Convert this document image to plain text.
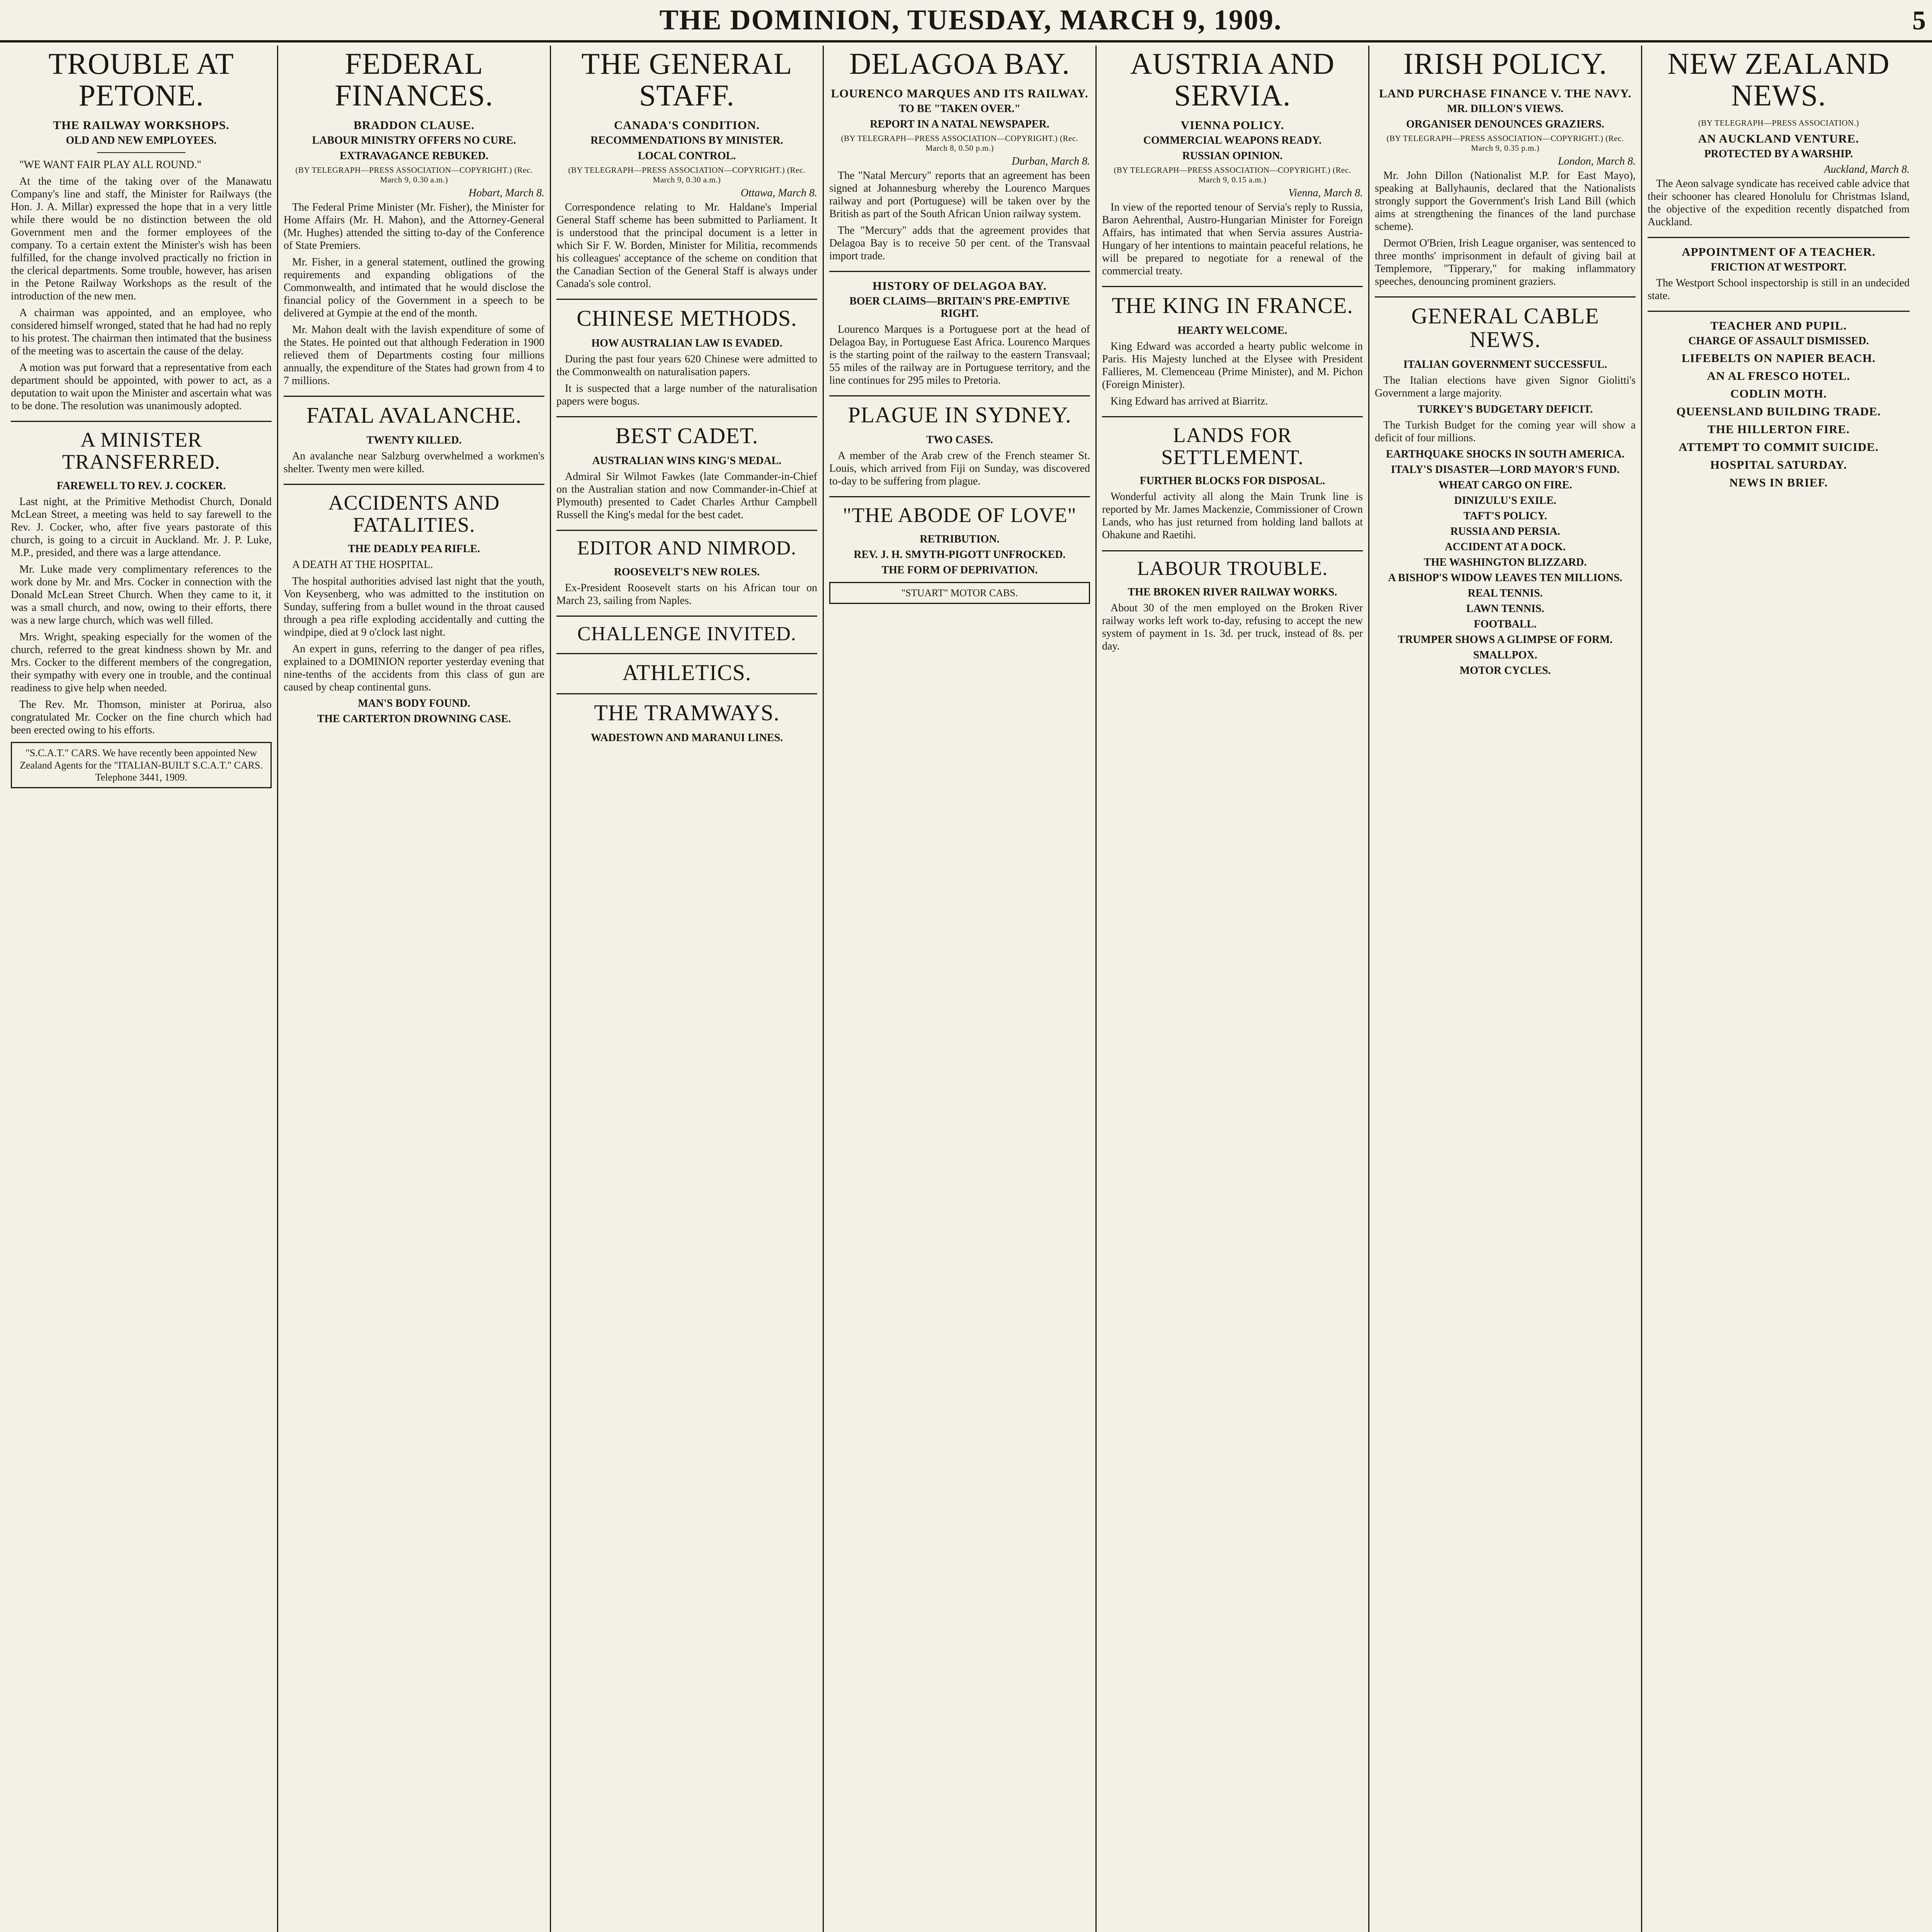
THE DOMINION, TUESDAY, MARCH 9, 1909.	5
TROUBLE AT PETONE.
THE RAILWAY WORKSHOPS.
OLD AND NEW EMPLOYEES.

"WE WANT FAIR PLAY ALL ROUND."

At the time of the taking over of the Manawatu Company's line and staff, the Minister for Railways (the Hon. J. A. Millar) expressed the hope that in a very little while there would be no distinction between the old Government men and the former employees of the company. To a certain extent the Minister's wish has been fulfilled, for the change involved practically no friction in the clerical departments. Some trouble, however, has arisen in the Petone Railway Workshops as the result of the introduction of the new men.

A chairman was appointed, and an employee, who considered himself wronged, stated that he had had no reply to his protest. The chairman then intimated that the business of the meeting was to ascertain the cause of the delay.

A motion was put forward that a representative from each department should be appointed, with power to act, as a deputation to wait upon the Minister and ascertain what was to be done. The resolution was unanimously adopted.

A MINISTER TRANSFERRED.
FAREWELL TO REV. J. COCKER.

Last night, at the Primitive Methodist Church, Donald McLean Street, a meeting was held to say farewell to the Rev. J. Cocker, who, after five years pastorate of this church, is going to a circuit in Auckland. Mr. J. P. Luke, M.P., presided, and there was a large attendance.

Mr. Luke made very complimentary references to the work done by Mr. and Mrs. Cocker in connection with the Donald McLean Street Church. When they came to it, it was a small church, and now, owing to their efforts, there was a new large church, which was well filled.

Mrs. Wright, speaking especially for the women of the church, referred to the great kindness shown by Mr. and Mrs. Cocker to the different members of the congregation, their sympathy with every one in trouble, and the continual readiness to give help when needed.

The Rev. Mr. Thomson, minister at Porirua, also congratulated Mr. Cocker on the fine church which had been erected owing to his efforts.

"S.C.A.T." CARS. We have recently been appointed New Zealand Agents for the "ITALIAN-BUILT S.C.A.T." CARS. Telephone 3441, 1909.
FEDERAL FINANCES.
BRADDON CLAUSE.
LABOUR MINISTRY OFFERS NO CURE.
EXTRAVAGANCE REBUKED.
(BY TELEGRAPH—PRESS ASSOCIATION—COPYRIGHT.) (Rec. March 9, 0.30 a.m.)
Hobart, March 8.

The Federal Prime Minister (Mr. Fisher), the Minister for Home Affairs (Mr. H. Mahon), and the Attorney-General (Mr. Hughes) attended the sitting to-day of the Conference of State Premiers.

Mr. Fisher, in a general statement, outlined the growing requirements and expanding obligations of the Commonwealth, and intimated that he would disclose the financial policy of the Government in a speech to be delivered at Gympie at the end of the month.

Mr. Mahon dealt with the lavish expenditure of some of the States. He pointed out that although Federation in 1900 relieved them of Departments costing four millions annually, the expenditure of the States had grown from 4 to 7 millions.

FATAL AVALANCHE.
TWENTY KILLED.

An avalanche near Salzburg overwhelmed a workmen's shelter. Twenty men were killed.

ACCIDENTS AND FATALITIES.
THE DEADLY PEA RIFLE.

A DEATH AT THE HOSPITAL.

The hospital authorities advised last night that the youth, Von Keysenberg, who was admitted to the institution on Sunday, suffering from a bullet wound in the throat caused through a pea rifle exploding accidentally and cutting the windpipe, died at 9 o'clock last night.

An expert in guns, referring to the danger of pea rifles, explained to a DOMINION reporter yesterday evening that nine-tenths of the accidents from this class of gun are caused by cheap continental guns.

MAN'S BODY FOUND.
THE CARTERTON DROWNING CASE.
THE GENERAL STAFF.
CANADA'S CONDITION.
RECOMMENDATIONS BY MINISTER.
LOCAL CONTROL.
(BY TELEGRAPH—PRESS ASSOCIATION—COPYRIGHT.) (Rec. March 9, 0.30 a.m.)
Ottawa, March 8.

Correspondence relating to Mr. Haldane's Imperial General Staff scheme has been submitted to Parliament. It is understood that the principal document is a letter in which Sir F. W. Borden, Minister for Militia, recommends his colleagues' acceptance of the scheme on condition that the Canadian Section of the General Staff is always under Canada's sole control.

CHINESE METHODS.
HOW AUSTRALIAN LAW IS EVADED.

During the past four years 620 Chinese were admitted to the Commonwealth on naturalisation papers.

It is suspected that a large number of the naturalisation papers were bogus.

BEST CADET.
AUSTRALIAN WINS KING'S MEDAL.

Admiral Sir Wilmot Fawkes (late Commander-in-Chief on the Australian station and now Commander-in-Chief at Plymouth) presented to Cadet Charles Arthur Campbell Russell the King's medal for the best cadet.

EDITOR AND NIMROD.
ROOSEVELT'S NEW ROLES.

Ex-President Roosevelt starts on his African tour on March 23, sailing from Naples.

CHALLENGE INVITED.
ATHLETICS.
THE TRAMWAYS.
WADESTOWN AND MARANUI LINES.
DELAGOA BAY.
LOURENCO MARQUES AND ITS RAILWAY.
TO BE "TAKEN OVER."
REPORT IN A NATAL NEWSPAPER.
(BY TELEGRAPH—PRESS ASSOCIATION—COPYRIGHT.) (Rec. March 8, 0.50 p.m.)
Durban, March 8.

The "Natal Mercury" reports that an agreement has been signed at Johannesburg whereby the Lourenco Marques railway and port (Portuguese) will be taken over by the British as part of the South African Union railway system.

The "Mercury" adds that the agreement provides that Delagoa Bay is to receive 50 per cent. of the Transvaal import trade.

HISTORY OF DELAGOA BAY.
BOER CLAIMS—BRITAIN'S PRE-EMPTIVE RIGHT.

Lourenco Marques is a Portuguese port at the head of Delagoa Bay, in Portuguese East Africa. Lourenco Marques is the starting point of the railway to the eastern Transvaal; 55 miles of the railway are in Portuguese territory, and the line continues for 295 miles to Pretoria.

PLAGUE IN SYDNEY.
TWO CASES.

A member of the Arab crew of the French steamer St. Louis, which arrived from Fiji on Sunday, was discovered to-day to be suffering from plague.

"THE ABODE OF LOVE"
RETRIBUTION.
REV. J. H. SMYTH-PIGOTT UNFROCKED.
THE FORM OF DEPRIVATION.
"STUART" MOTOR CABS.
AUSTRIA AND SERVIA.
VIENNA POLICY.
COMMERCIAL WEAPONS READY.
RUSSIAN OPINION.
(BY TELEGRAPH—PRESS ASSOCIATION—COPYRIGHT.) (Rec. March 9, 0.15 a.m.)
Vienna, March 8.

In view of the reported tenour of Servia's reply to Russia, Baron Aehrenthal, Austro-Hungarian Minister for Foreign Affairs, has intimated that when Servia assures Austria-Hungary of her intentions to maintain peaceful relations, he will be prepared to negotiate for a renewal of the commercial treaty.

THE KING IN FRANCE.
HEARTY WELCOME.

King Edward was accorded a hearty public welcome in Paris. His Majesty lunched at the Elysee with President Fallieres, M. Clemenceau (Prime Minister), and M. Pichon (Foreign Minister).

King Edward has arrived at Biarritz.

LANDS FOR SETTLEMENT.
FURTHER BLOCKS FOR DISPOSAL.

Wonderful activity all along the Main Trunk line is reported by Mr. James Mackenzie, Commissioner of Crown Lands, who has just returned from holding land ballots at Ohakune and Raetihi.

LABOUR TROUBLE.
THE BROKEN RIVER RAILWAY WORKS.

About 30 of the men employed on the Broken River railway works left work to-day, refusing to accept the new system of payment in 1s. 3d. per truck, instead of 8s. per day.

IRISH POLICY.
LAND PURCHASE FINANCE V. THE NAVY.
MR. DILLON'S VIEWS.
ORGANISER DENOUNCES GRAZIERS.
(BY TELEGRAPH—PRESS ASSOCIATION—COPYRIGHT.) (Rec. March 9, 0.35 p.m.)
London, March 8.

Mr. John Dillon (Nationalist M.P. for East Mayo), speaking at Ballyhaunis, declared that the Nationalists strongly support the Government's Irish Land Bill (which aims at strengthening the finances of the land purchase scheme).

Dermot O'Brien, Irish League organiser, was sentenced to three months' imprisonment in default of giving bail at Templemore, "Tipperary," for making inflammatory speeches, denouncing prominent graziers.

GENERAL CABLE NEWS.
ITALIAN GOVERNMENT SUCCESSFUL.

The Italian elections have given Signor Giolitti's Government a large majority.

TURKEY'S BUDGETARY DEFICIT.

The Turkish Budget for the coming year will show a deficit of four millions.

EARTHQUAKE SHOCKS IN SOUTH AMERICA.
ITALY'S DISASTER—LORD MAYOR'S FUND.
WHEAT CARGO ON FIRE.
DINIZULU'S EXILE.
TAFT'S POLICY.
RUSSIA AND PERSIA.
ACCIDENT AT A DOCK.
THE WASHINGTON BLIZZARD.
A BISHOP'S WIDOW LEAVES TEN MILLIONS.
REAL TENNIS.
LAWN TENNIS.
FOOTBALL.
TRUMPER SHOWS A GLIMPSE OF FORM.
SMALLPOX.
MOTOR CYCLES.
NEW ZEALAND NEWS.
(BY TELEGRAPH—PRESS ASSOCIATION.)
AN AUCKLAND VENTURE.
PROTECTED BY A WARSHIP.
Auckland, March 8.

The Aeon salvage syndicate has received cable advice that their schooner has cleared Honolulu for Christmas Island, the objective of the expedition recently dispatched from Auckland.

APPOINTMENT OF A TEACHER.
FRICTION AT WESTPORT.

The Westport School inspectorship is still in an undecided state.

TEACHER AND PUPIL.
CHARGE OF ASSAULT DISMISSED.
LIFEBELTS ON NAPIER BEACH.
AN AL FRESCO HOTEL.
CODLIN MOTH.
QUEENSLAND BUILDING TRADE.
THE HILLERTON FIRE.
ATTEMPT TO COMMIT SUICIDE.
HOSPITAL SATURDAY.
NEWS IN BRIEF.
